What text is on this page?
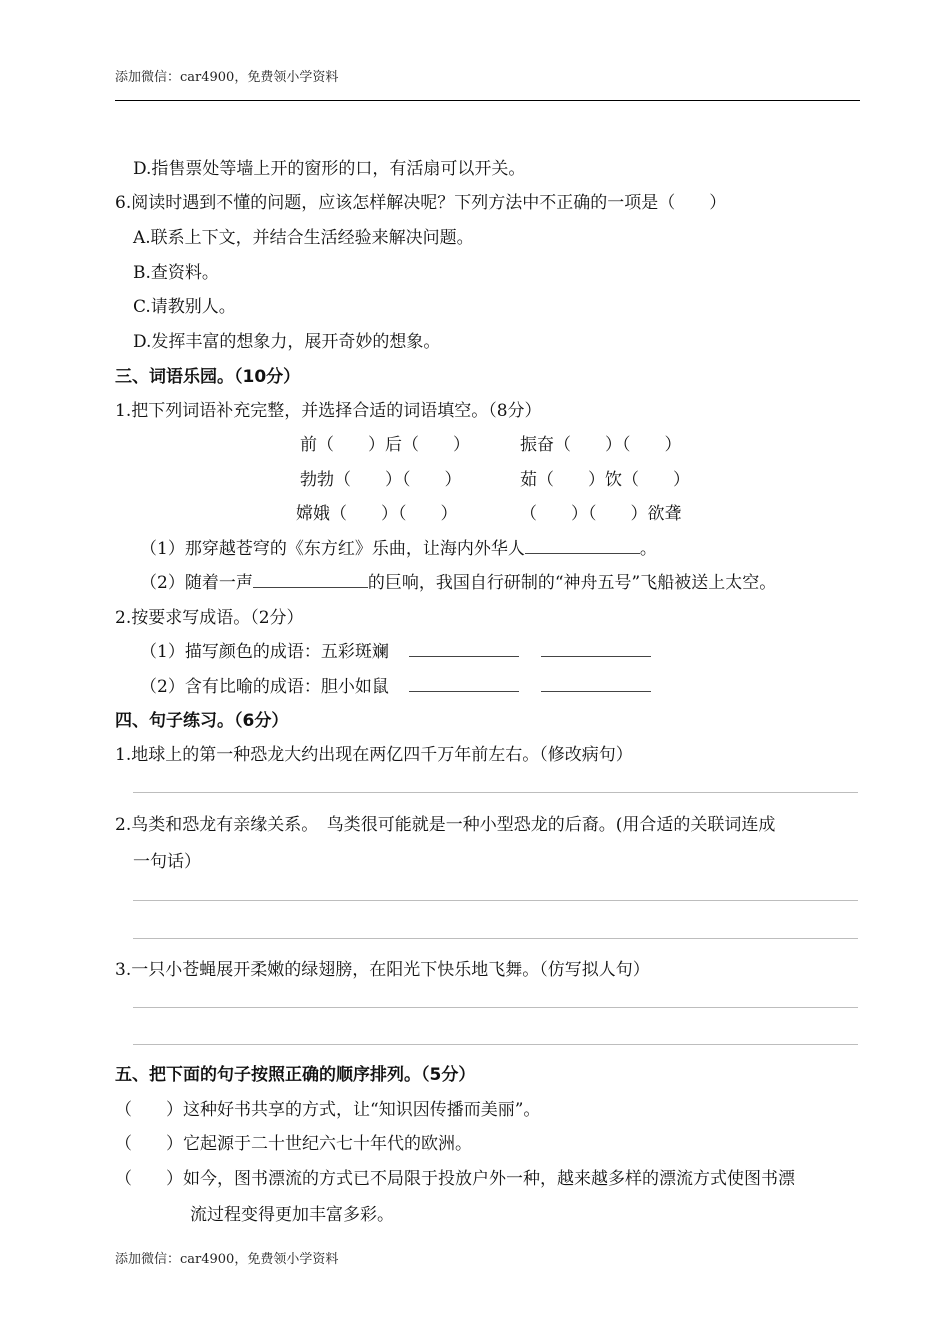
添加微信：car4900，免费领小学资料
D.指售票处等墙上开的窗形的口，有活扇可以开关。
6.阅读时遇到不懂的问题，应该怎样解决呢？下列方法中不正确的一项是（　　）
A.联系上下文，并结合生活经验来解决问题。
B.查资料。
C.请教别人。
D.发挥丰富的想象力，展开奇妙的想象。
三、词语乐园。（10分）
1.把下列词语补充完整，并选择合适的词语填空。（8分）
前（　　）后（　　）	振奋（　　）（　　）
勃勃（　　）（　　）	茹（　　）饮（　　）
嫦娥（　　）（　　）	（　　）（　　）欲聋
（1）那穿越苍穹的《东方红》乐曲，让海内外华人	。
（2）随着一声	的巨响，我国自行研制的“神舟五号”飞船被送上太空。
2.按要求写成语。（2分）
（1）描写颜色的成语：五彩斑斓
（2）含有比喻的成语：胆小如鼠
四、句子练习。（6分）
1.地球上的第一种恐龙大约出现在两亿四千万年前左右。（修改病句）
2.鸟类和恐龙有亲缘关系。　鸟类很可能就是一种小型恐龙的后裔。(用合适的关联词连成
一句话）
3.一只小苍蝇展开柔嫩的绿翅膀，在阳光下快乐地飞舞。（仿写拟人句）
五、把下面的句子按照正确的顺序排列。（5分）
（　　）这种好书共享的方式，让“知识因传播而美丽”。
（　　）它起源于二十世纪六七十年代的欧洲。
（　　）如今，图书漂流的方式已不局限于投放户外一种，越来越多样的漂流方式使图书漂
流过程变得更加丰富多彩。
添加微信：car4900，免费领小学资料
